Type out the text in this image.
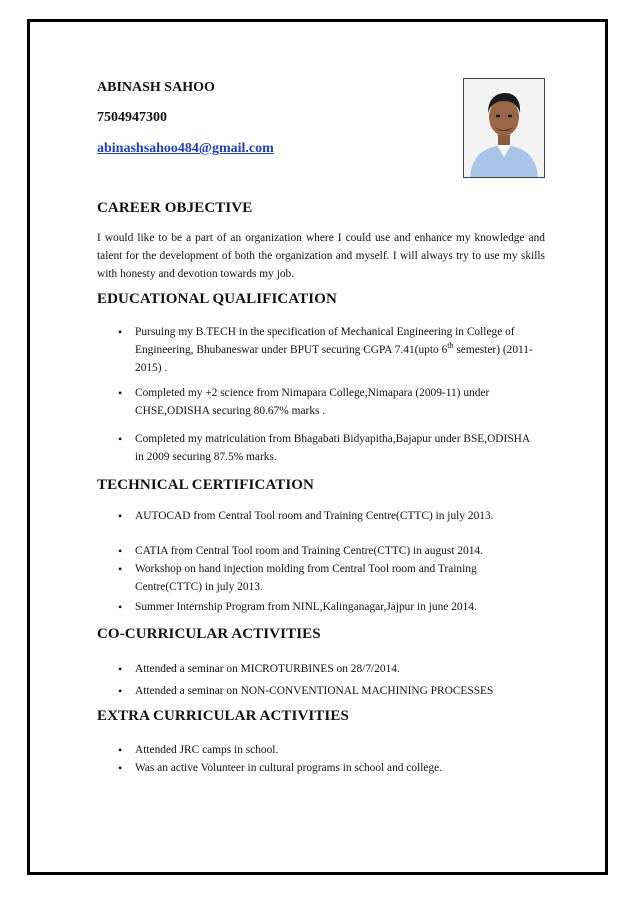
ABINASH SAHOO
7504947300
abinashsahoo484@gmail.com
CAREER OBJECTIVE

I would like to be a part of an organization where I could use and enhance my knowledge and talent for the development of both the organization and myself. I will always try to use my skills with honesty and devotion towards my job.

EDUCATIONAL QUALIFICATION
• Pursuing my B.TECH in the specification of Mechanical Engineering in College of Engineering, Bhubaneswar under BPUT securing CGPA 7.41(upto 6th semester) (2011-2015) .
• Completed my +2 science from Nimapara College,Nimapara (2009-11) under CHSE,ODISHA securing 80.67% marks .
• Completed my matriculation from Bhagabati Bidyapitha,Bajapur under BSE,ODISHA in 2009 securing 87.5% marks.
TECHNICAL CERTIFICATION
• AUTOCAD from Central Tool room and Training Centre(CTTC) in july 2013.
• CATIA from Central Tool room and Training Centre(CTTC) in august 2014.
• Workshop on hand injection molding from Central Tool room and Training Centre(CTTC) in july 2013.
• Summer Internship Program from NINL,Kalinganagar,Jajpur in june 2014.
CO-CURRICULAR ACTIVITIES
• Attended a seminar on MICROTURBINES on 28/7/2014.
• Attended a seminar on NON-CONVENTIONAL MACHINING PROCESSES
EXTRA CURRICULAR ACTIVITIES
• Attended JRC camps in school.
• Was an active Volunteer in cultural programs in school and college.
